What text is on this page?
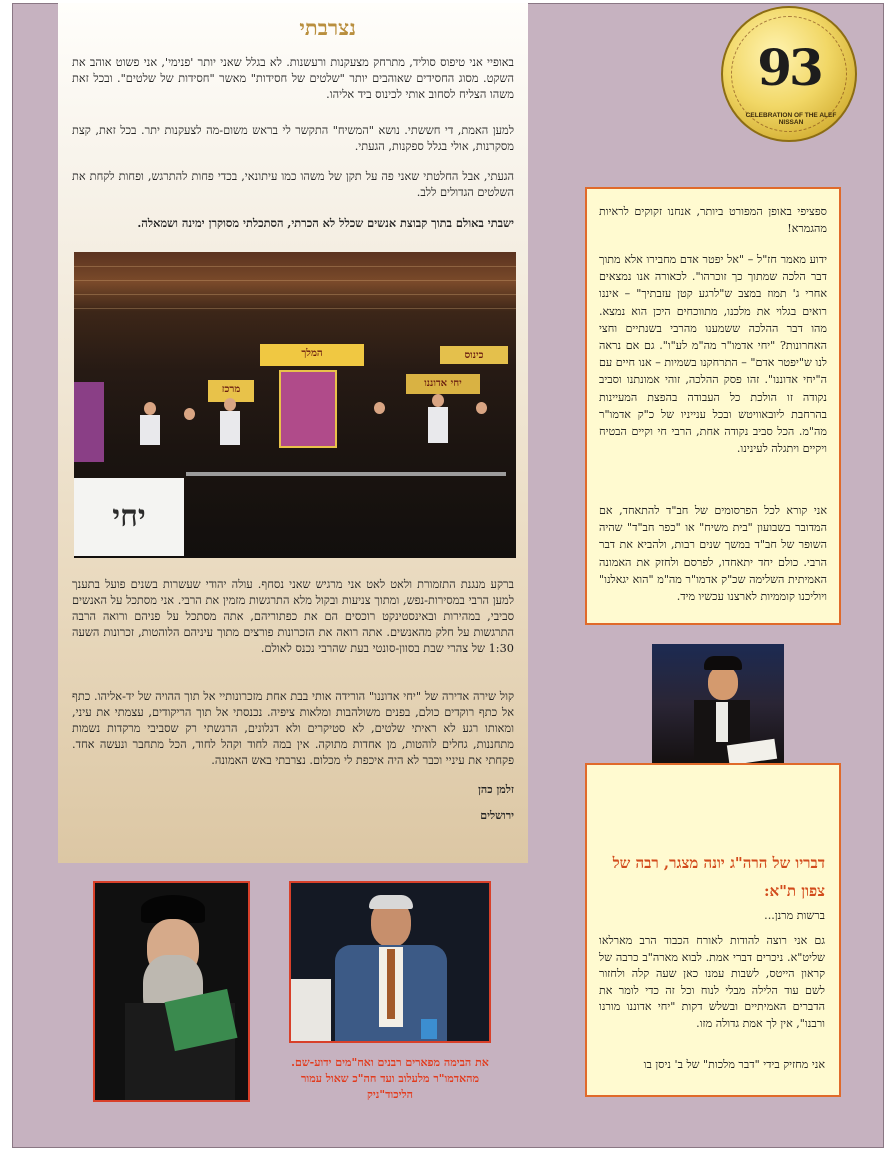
נצרבתי

באופיי אני טיפוס סוליד, מתרחק מצעקנות ורעשנות. לא בגלל שאני יותר 'פנימי', אני פשוט אוהב את השקט. מסוג החסידים שאוהבים יותר "שלטים של חסידות" מאשר "חסידות של שלטים". ובכל זאת משהו הצליח לסחוב אותי לכינוס ביד אליהו.

למען האמת, די חששתי. נושא "המשיח" התקשר לי בראש משום-מה לצעקנות יתר. בכל זאת, קצת מסקרנות, אולי בגלל ספקנות, הגעתי.

הגעתי, אבל החלטתי שאני פה על תקן של משהו כמו עיתונאי, בכדי פחות להתרגש, ופחות לקחת את השלטים הגדולים ללב.

ישבתי באולם בתוך קבוצת אנשים שכלל לא הכרתי, הסתכלתי מסוקרן ימינה ושמאלה.

ברקע מנגנת התזמורת ולאט לאט אני מרגיש שאני נסחף. עולה יהודי שעשרות בשנים פועל בתענך למען הרבי במסירות-נפש, ומתוך צניעות ובקול מלא התרגשות מזמין את הרבי. אני מסתכל על האנשים סביבי, במהירות ובאינסטינקט רוכסים הם את כפתוריהם, אתה מסתכל על פניהם ורואה הרבה התרגשות על חלק מהאנשים. אתה רואה את הזכרונות פורצים מתוך עיניהם הלוהטות, זכרונות השעה 1:30 של צהרי שבת בסוון-סונטי בעת שהרבי נכנס לאולם.

קול שירה אדירה של "יחי אדוננו" הורידה אותי בבת אחת מזכרונותיי אל תוך ההויה של יד-אליהו. כתף אל כתף רוקדים כולם, בפנים משולהבות ומלאות ציפיה. נכנסתי אל תוך הריקודים, עצמתי את עיני, ומאותו רגע לא ראיתי שלטים, לא סטיקרים ולא דגלונים, הרגשתי רק שסביבי מרקדות נשמות מתחננות, גחלים לוהטות, מן אחדות מתוקה. אין במה לחוד וקהל לחוד, הכל מתחבר ונעשה אחד. פקחתי את עיניי וכבר לא היה איכפת לי מכלום. נצרבתי באש האמונה.

זלמן כהן

ירושלים

המלך
מרכז
יחי אדוננו
כינוס
יחי
93
CELEBRATION OF THE ALEF NISSAN

ספציפי באופן המפורט ביותר, אנחנו זקוקים לראיות מהגמרא!

ידוע מאמר חז"ל – "אל יפטר אדם מחבירו אלא מתוך דבר הלכה שמתוך כך זוכרהו". לכאורה אנו נמצאים אחרי ג' תמוז במצב ש"לרגע קטן עזבתיך" – איננו רואים בגלוי את מלכנו, מתווכחים היכן הוא נמצא. מהו דבר ההלכה ששמענו מהרבי בשנתיים וחצי האחרונות? "יחי אדמו"ר מה"מ לע"ו". גם אם נראה לנו ש"יפטר אדם" – התרחקנו בשמיות – אנו חיים עם ה"יחי אדוננו". זהו פסק ההלכה, זוהי אמונתנו וסביב נקודה זו הולכת כל העבודה בהפצת המעיינות בהרחבת ליובאוויטש ובכל ענייניו של כ"ק אדמו"ר מה"מ. הכל סביב נקודה אחת, הרבי חי וקיים הבטיח ויקיים ויתגלה לעינינו.

אני קורא לכל הפרסומים של חב"ד להתאחד, אם המדובר בשבועון "בית משיח" או "כפר חב"ד" שהיה השופר של חב"ד במשך שנים רבות, ולהביא את דבר הרבי. כולם יחד יתאחדו, לפרסם ולחזק את האמונה האמיתית השלימה שכ"ק אדמו"ר מה"מ "הוא יגאלנו" ויוליכנו קוממיות לארצנו עכשיו מיד.

דבריו של הרה"ג יונה מצגר, רבה של צפון ת"א:

ברשות מרנן...

גם אני רוצה להודות לאורח הכבוד הרב מארלאו שליט"א. ניכרים דברי אמת. לבוא מארה"ב כרבה של קראון הייטס, לשבות עמנו כאן שעה קלה ולחזור לשם עוד הלילה מבלי לנוח וכל זה כדי לומר את הדברים האמיתיים ובשלש דקות "יחי אדוננו מורנו ורבנו", אין לך אמת גדולה מזו.

אני מחזיק בידי "דבר מלכות" של ב' ניסן בו

את הבימה מפארים רבנים ואח"מים ידוע-שם. מהאדמו"ר מלעלוב ועד חה"כ שאול עמור הליכוד"ניק
